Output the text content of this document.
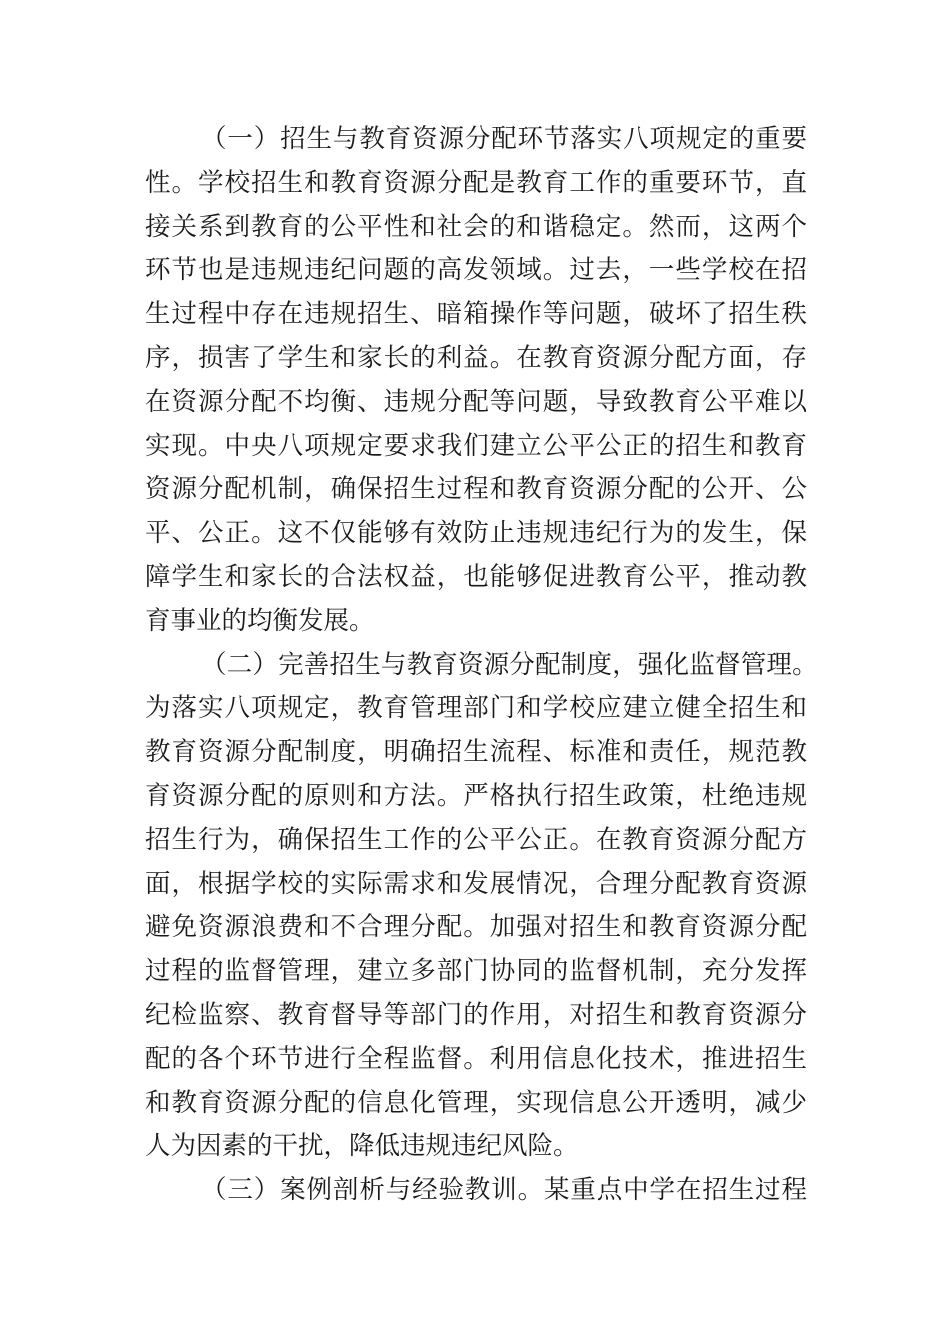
（一）招生与教育资源分配环节落实八项规定的重要
性。学校招生和教育资源分配是教育工作的重要环节，直
接关系到教育的公平性和社会的和谐稳定。然而，这两个
环节也是违规违纪问题的高发领域。过去，一些学校在招
生过程中存在违规招生、暗箱操作等问题，破坏了招生秩
序，损害了学生和家长的利益。在教育资源分配方面，存
在资源分配不均衡、违规分配等问题，导致教育公平难以
实现。中央八项规定要求我们建立公平公正的招生和教育
资源分配机制，确保招生过程和教育资源分配的公开、公
平、公正。这不仅能够有效防止违规违纪行为的发生，保
障学生和家长的合法权益，也能够促进教育公平，推动教
育事业的均衡发展。
（二）完善招生与教育资源分配制度，强化监督管理。
为落实八项规定，教育管理部门和学校应建立健全招生和
教育资源分配制度，明确招生流程、标准和责任，规范教
育资源分配的原则和方法。严格执行招生政策，杜绝违规
招生行为，确保招生工作的公平公正。在教育资源分配方
面，根据学校的实际需求和发展情况，合理分配教育资源
避免资源浪费和不合理分配。加强对招生和教育资源分配
过程的监督管理，建立多部门协同的监督机制，充分发挥
纪检监察、教育督导等部门的作用，对招生和教育资源分
配的各个环节进行全程监督。利用信息化技术，推进招生
和教育资源分配的信息化管理，实现信息公开透明，减少
人为因素的干扰，降低违规违纪风险。
（三）案例剖析与经验教训。某重点中学在招生过程
